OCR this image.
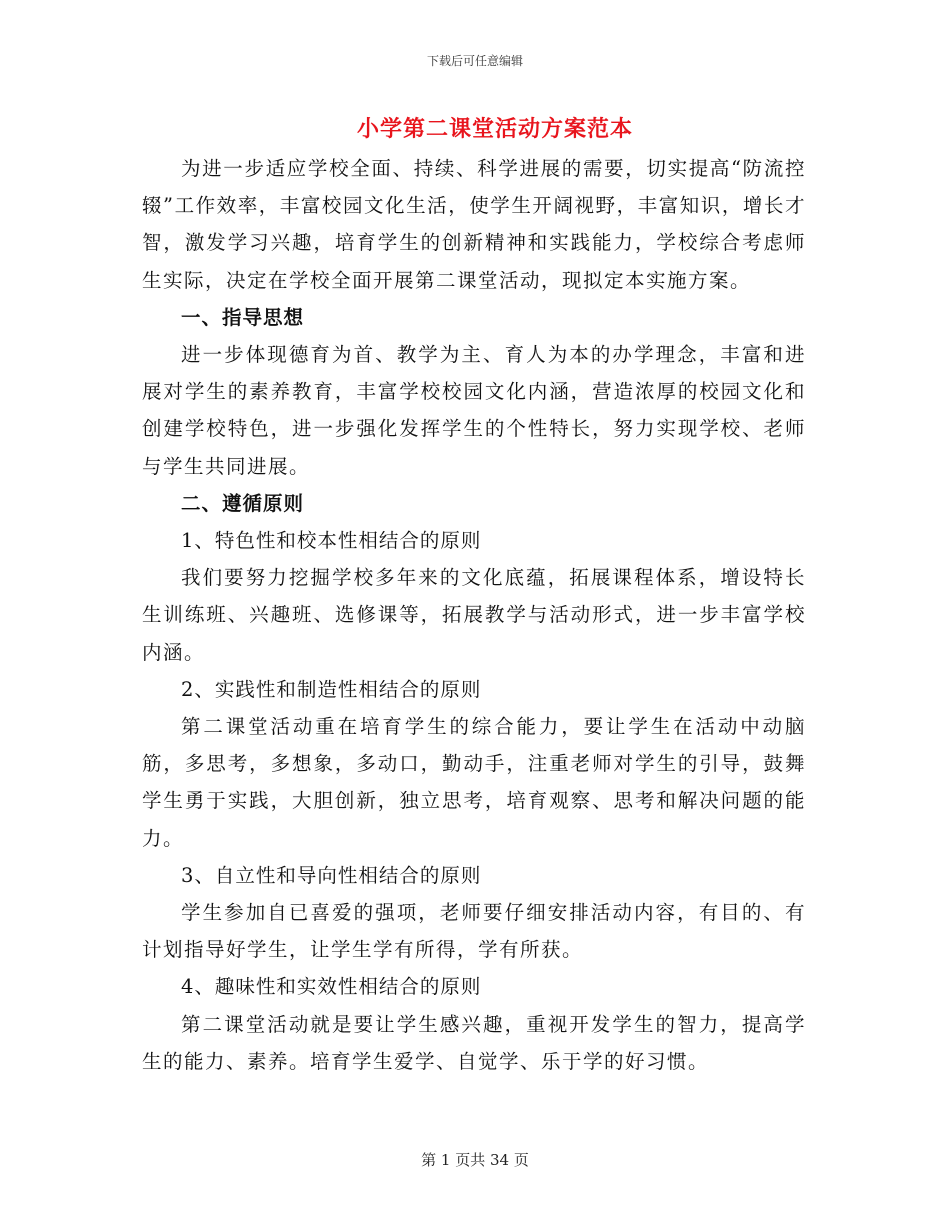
下载后可任意编辑
小学第二课堂活动方案范本

为进一步适应学校全面、持续、科学进展的需要，切实提高“防流控辍”工作效率，丰富校园文化生活，使学生开阔视野，丰富知识，增长才智，激发学习兴趣，培育学生的创新精神和实践能力，学校综合考虑师生实际，决定在学校全面开展第二课堂活动，现拟定本实施方案。

一、指导思想

进一步体现德育为首、教学为主、育人为本的办学理念，丰富和进展对学生的素养教育，丰富学校校园文化内涵，营造浓厚的校园文化和创建学校特色，进一步强化发挥学生的个性特长，努力实现学校、老师与学生共同进展。

二、遵循原则

1、特色性和校本性相结合的原则

我们要努力挖掘学校多年来的文化底蕴，拓展课程体系，增设特长生训练班、兴趣班、选修课等，拓展教学与活动形式，进一步丰富学校内涵。

2、实践性和制造性相结合的原则

第二课堂活动重在培育学生的综合能力，要让学生在活动中动脑筋，多思考，多想象，多动口，勤动手，注重老师对学生的引导，鼓舞学生勇于实践，大胆创新，独立思考，培育观察、思考和解决问题的能力。

3、自立性和导向性相结合的原则

学生参加自已喜爱的强项，老师要仔细安排活动内容，有目的、有计划指导好学生，让学生学有所得，学有所获。

4、趣味性和实效性相结合的原则

第二课堂活动就是要让学生感兴趣，重视开发学生的智力，提高学生的能力、素养。培育学生爱学、自觉学、乐于学的好习惯。

第 1 页共 34 页
